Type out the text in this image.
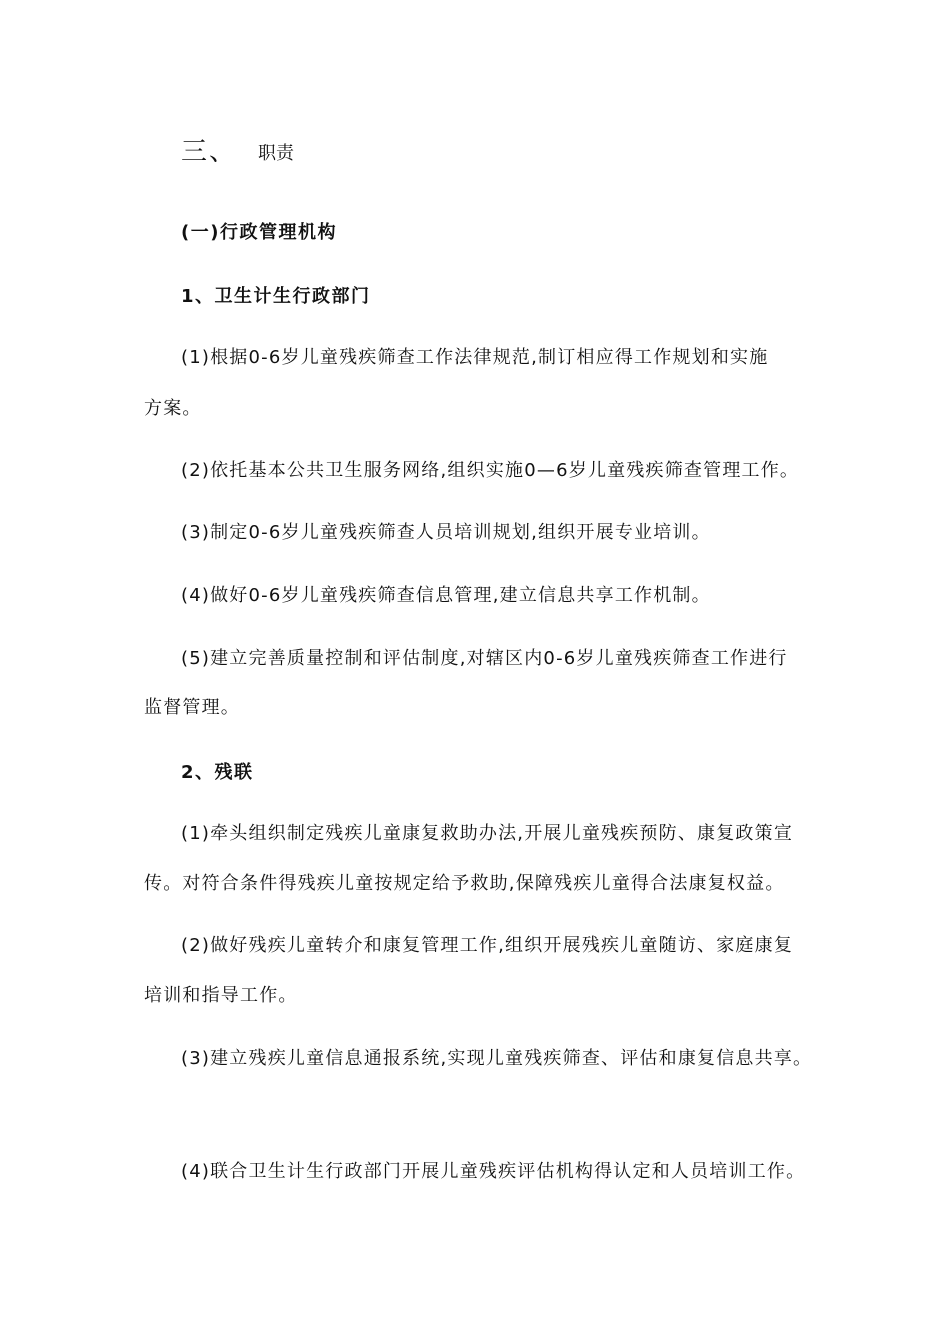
三、 职责
(一)行政管理机构
1、卫生计生行政部门
(1)根据0-6岁儿童残疾筛查工作法律规范,制订相应得工作规划和实施
方案。
(2)依托基本公共卫生服务网络,组织实施0—6岁儿童残疾筛查管理工作。
(3)制定0-6岁儿童残疾筛查人员培训规划,组织开展专业培训。
(4)做好0-6岁儿童残疾筛查信息管理,建立信息共享工作机制。
(5)建立完善质量控制和评估制度,对辖区内0-6岁儿童残疾筛查工作进行
监督管理。
2、残联
(1)牵头组织制定残疾儿童康复救助办法,开展儿童残疾预防、康复政策宣
传。对符合条件得残疾儿童按规定给予救助,保障残疾儿童得合法康复权益。
(2)做好残疾儿童转介和康复管理工作,组织开展残疾儿童随访、家庭康复
培训和指导工作。
(3)建立残疾儿童信息通报系统,实现儿童残疾筛查、评估和康复信息共享。
(4)联合卫生计生行政部门开展儿童残疾评估机构得认定和人员培训工作。
